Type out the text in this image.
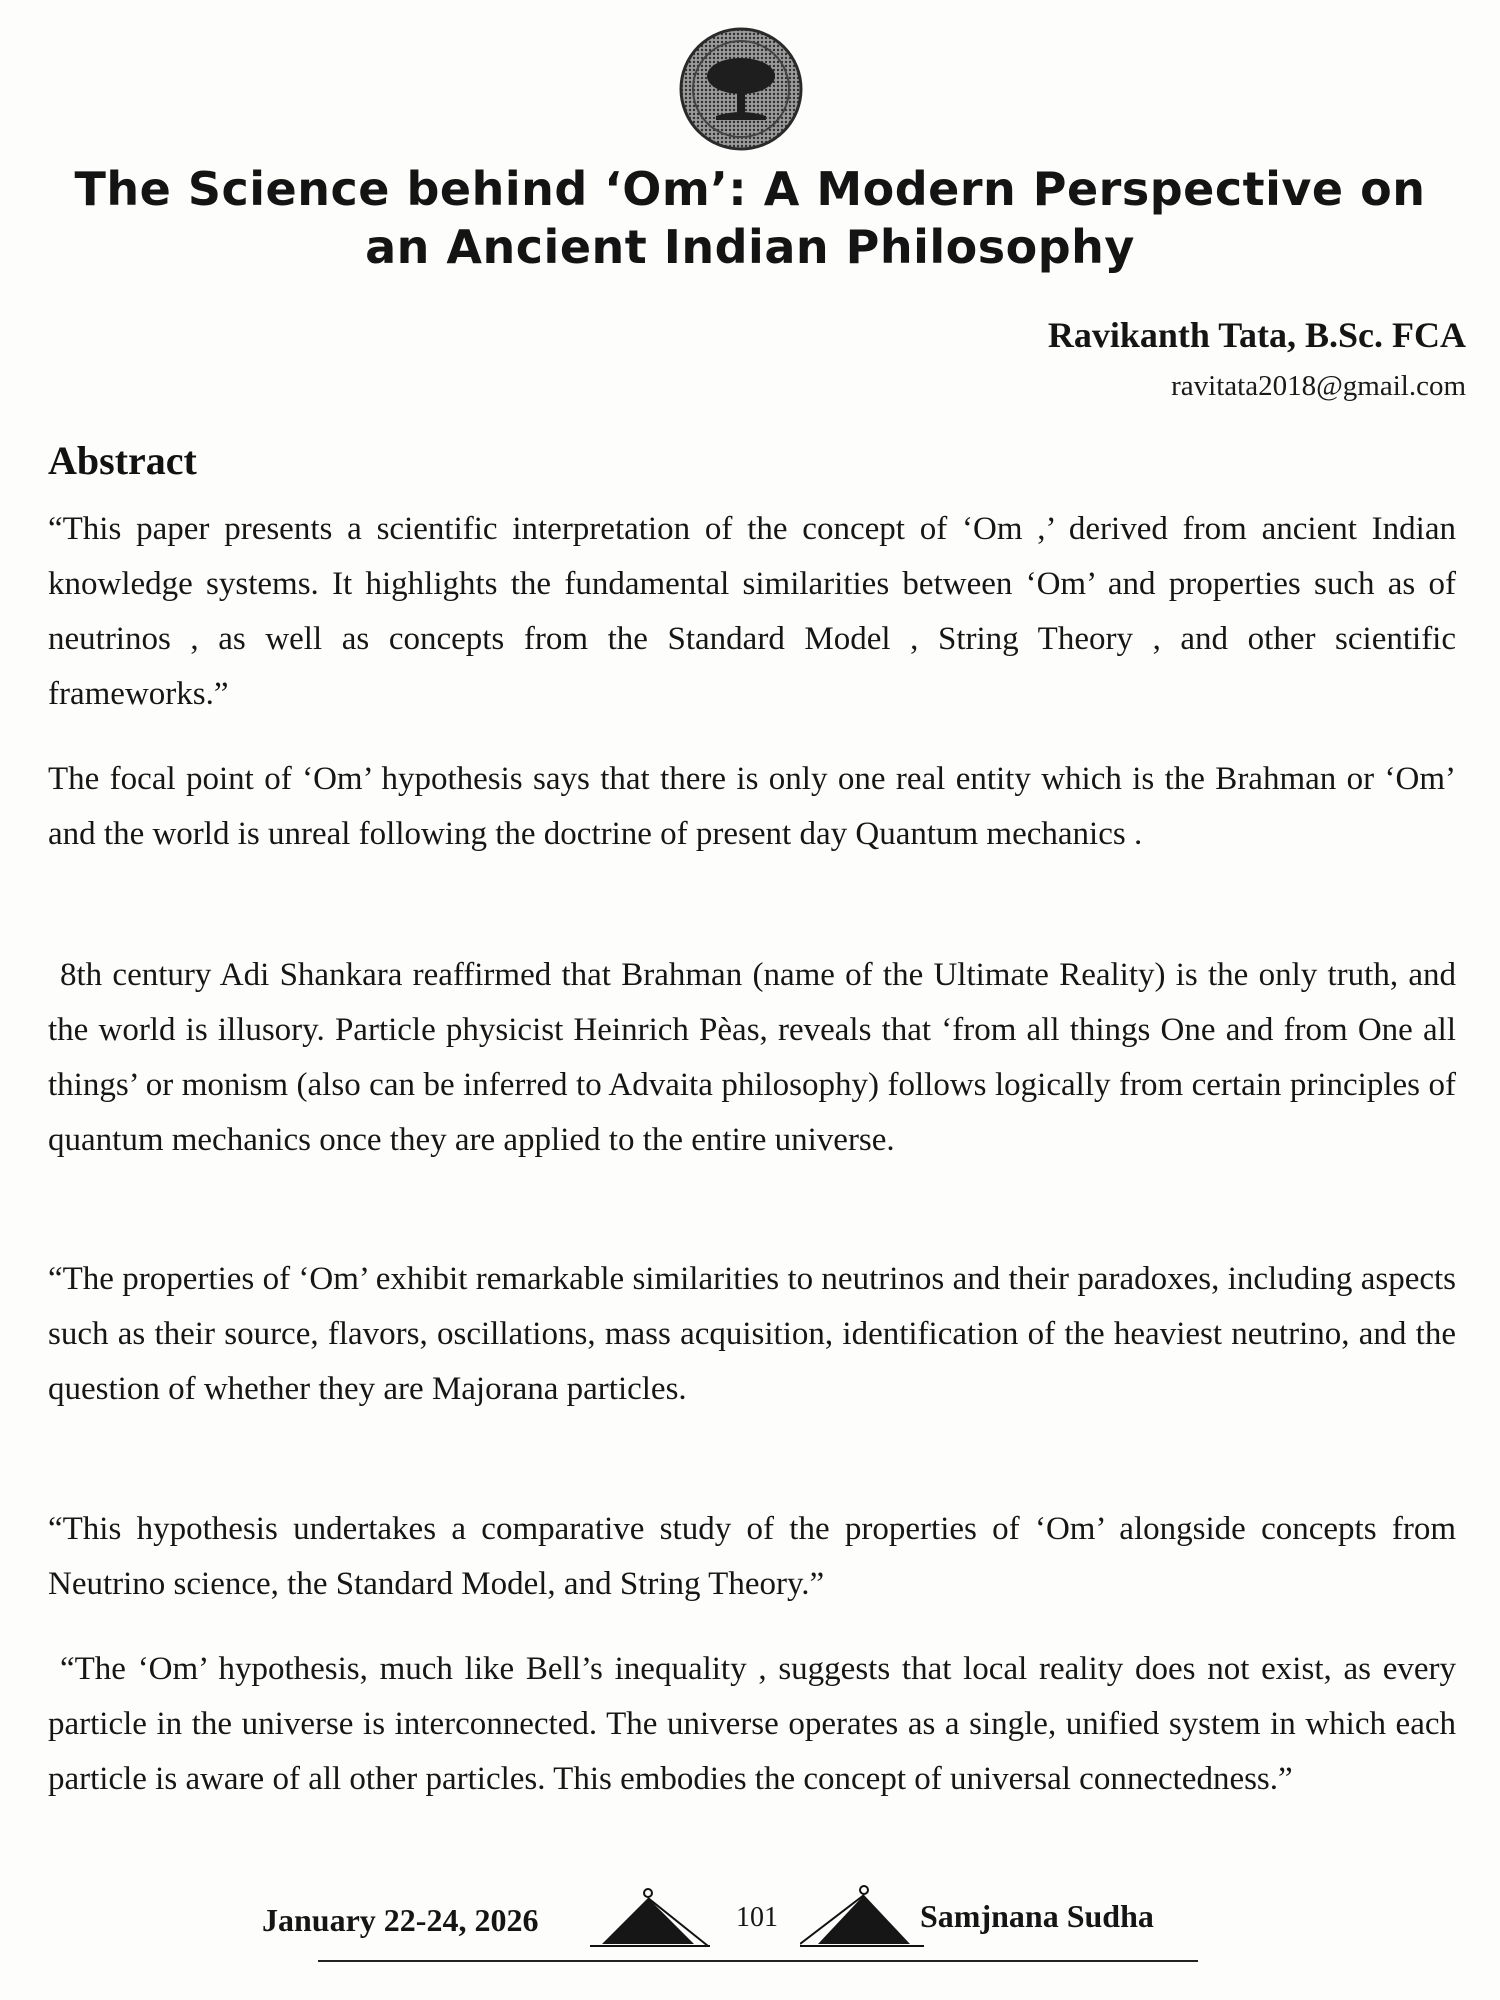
The Science behind ‘Om’: A Modern Perspective on an Ancient Indian Philosophy
Ravikanth Tata, B.Sc. FCA
ravitata2018@gmail.com
Abstract
“This paper presents a scientific interpretation of the concept of ‘Om ,’ derived from ancient Indian knowledge systems. It highlights the fundamental similarities between ‘Om’ and properties such as of neutrinos , as well as concepts from the Standard Model , String Theory , and other scientific frameworks.”
The focal point of ‘Om’ hypothesis says that there is only one real entity which is the Brahman or ‘Om’ and the world is unreal following the doctrine of present day Quantum mechanics .
8th century Adi Shankara reaffirmed that Brahman (name of the Ultimate Reality) is the only truth, and the world is illusory. Particle physicist Heinrich Pèas, reveals that ‘from all things One and from One all things’ or monism (also can be inferred to Advaita philosophy) follows logically from certain principles of quantum mechanics once they are applied to the entire universe.
“The properties of ‘Om’ exhibit remarkable similarities to neutrinos and their paradoxes, including aspects such as their source, flavors, oscillations, mass acquisition, identification of the heaviest neutrino, and the question of whether they are Majorana particles.
“This hypothesis undertakes a comparative study of the properties of ‘Om’ alongside concepts from Neutrino science, the Standard Model, and String Theory.”
“The ‘Om’ hypothesis, much like Bell’s inequality , suggests that local reality does not exist, as every particle in the universe is interconnected. The universe operates as a single, unified system in which each particle is aware of all other particles. This embodies the concept of universal connectedness.”
January 22-24, 2026	101	Samjnana Sudha
